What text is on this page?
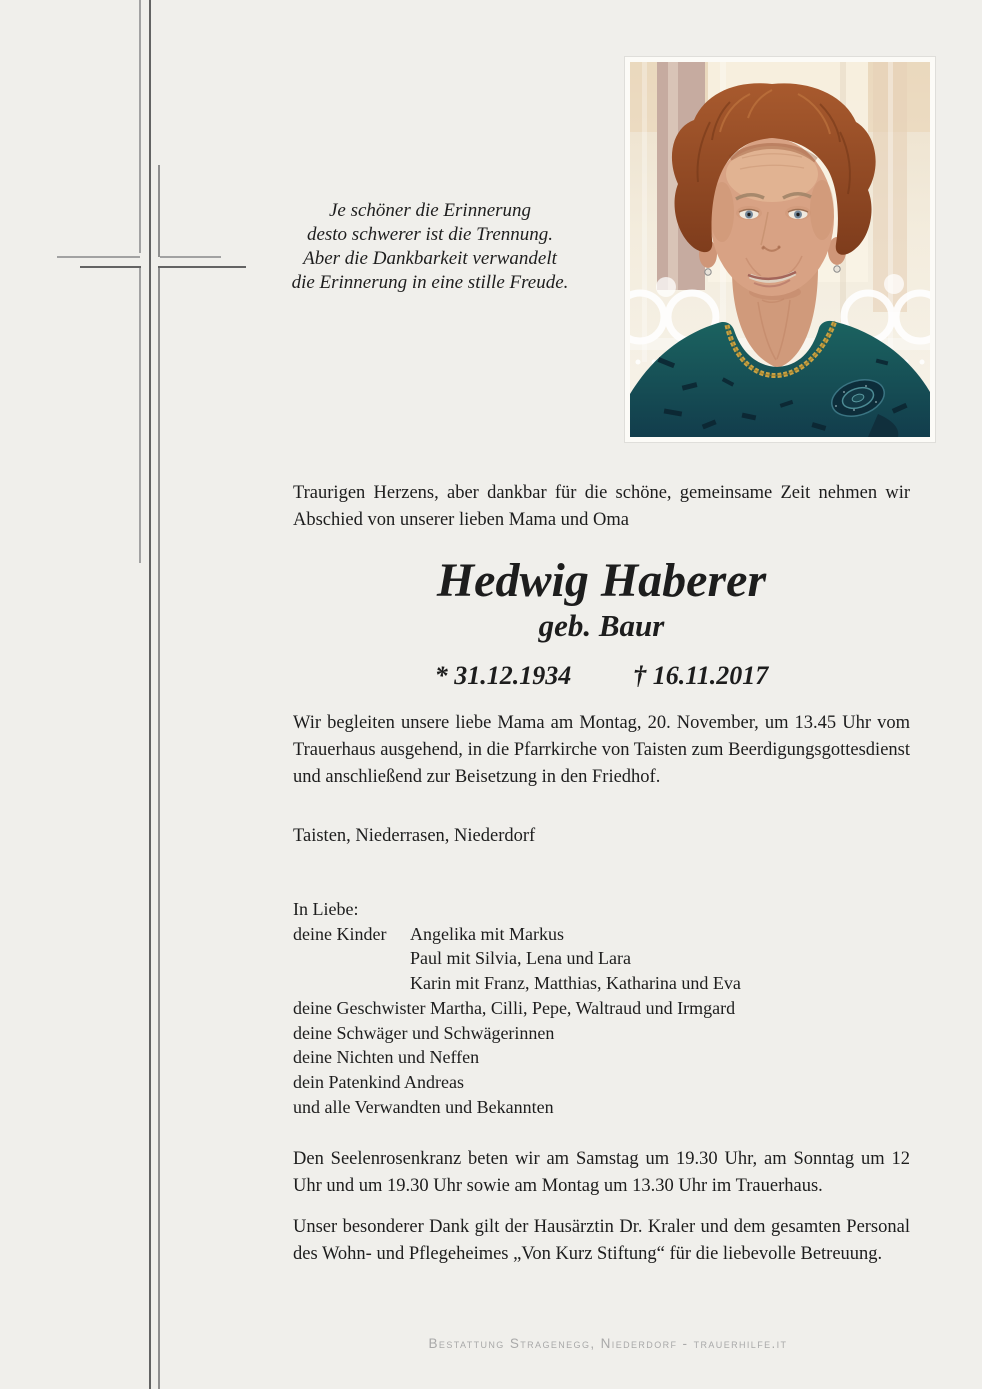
Je schöner die Erinnerung
desto schwerer ist die Trennung.
Aber die Dankbarkeit verwandelt
die Erinnerung in eine stille Freude.

Traurigen Herzens, aber dankbar für die schöne, gemeinsame Zeit nehmen wir Abschied von unserer lieben Mama und Oma

Hedwig Haberer
geb. Baur
* 31.12.1934 † 16.11.2017

Wir begleiten unsere liebe Mama am Montag, 20. November, um 13.45 Uhr vom Trauerhaus ausgehend, in die Pfarrkirche von Taisten zum Beerdigungsgottesdienst und anschließend zur Beisetzung in den Friedhof.

Taisten, Niederrasen, Niederdorf

In Liebe:
deine Kinder Angelika mit Markus
Paul mit Silvia, Lena und Lara
Karin mit Franz, Matthias, Katharina und Eva
deine Geschwister Martha, Cilli, Pepe, Waltraud und Irmgard
deine Schwäger und Schwägerinnen
deine Nichten und Neffen
dein Patenkind Andreas
und alle Verwandten und Bekannten

Den Seelenrosenkranz beten wir am Samstag um 19.30 Uhr, am Sonntag um 12 Uhr und um 19.30 Uhr sowie am Montag um 13.30 Uhr im Trauerhaus.

Unser besonderer Dank gilt der Hausärztin Dr. Kraler und dem gesamten Personal des Wohn- und Pflegeheimes „Von Kurz Stiftung“ für die liebevolle Betreuung.

Bestattung Stragenegg, Niederdorf - trauerhilfe.it
